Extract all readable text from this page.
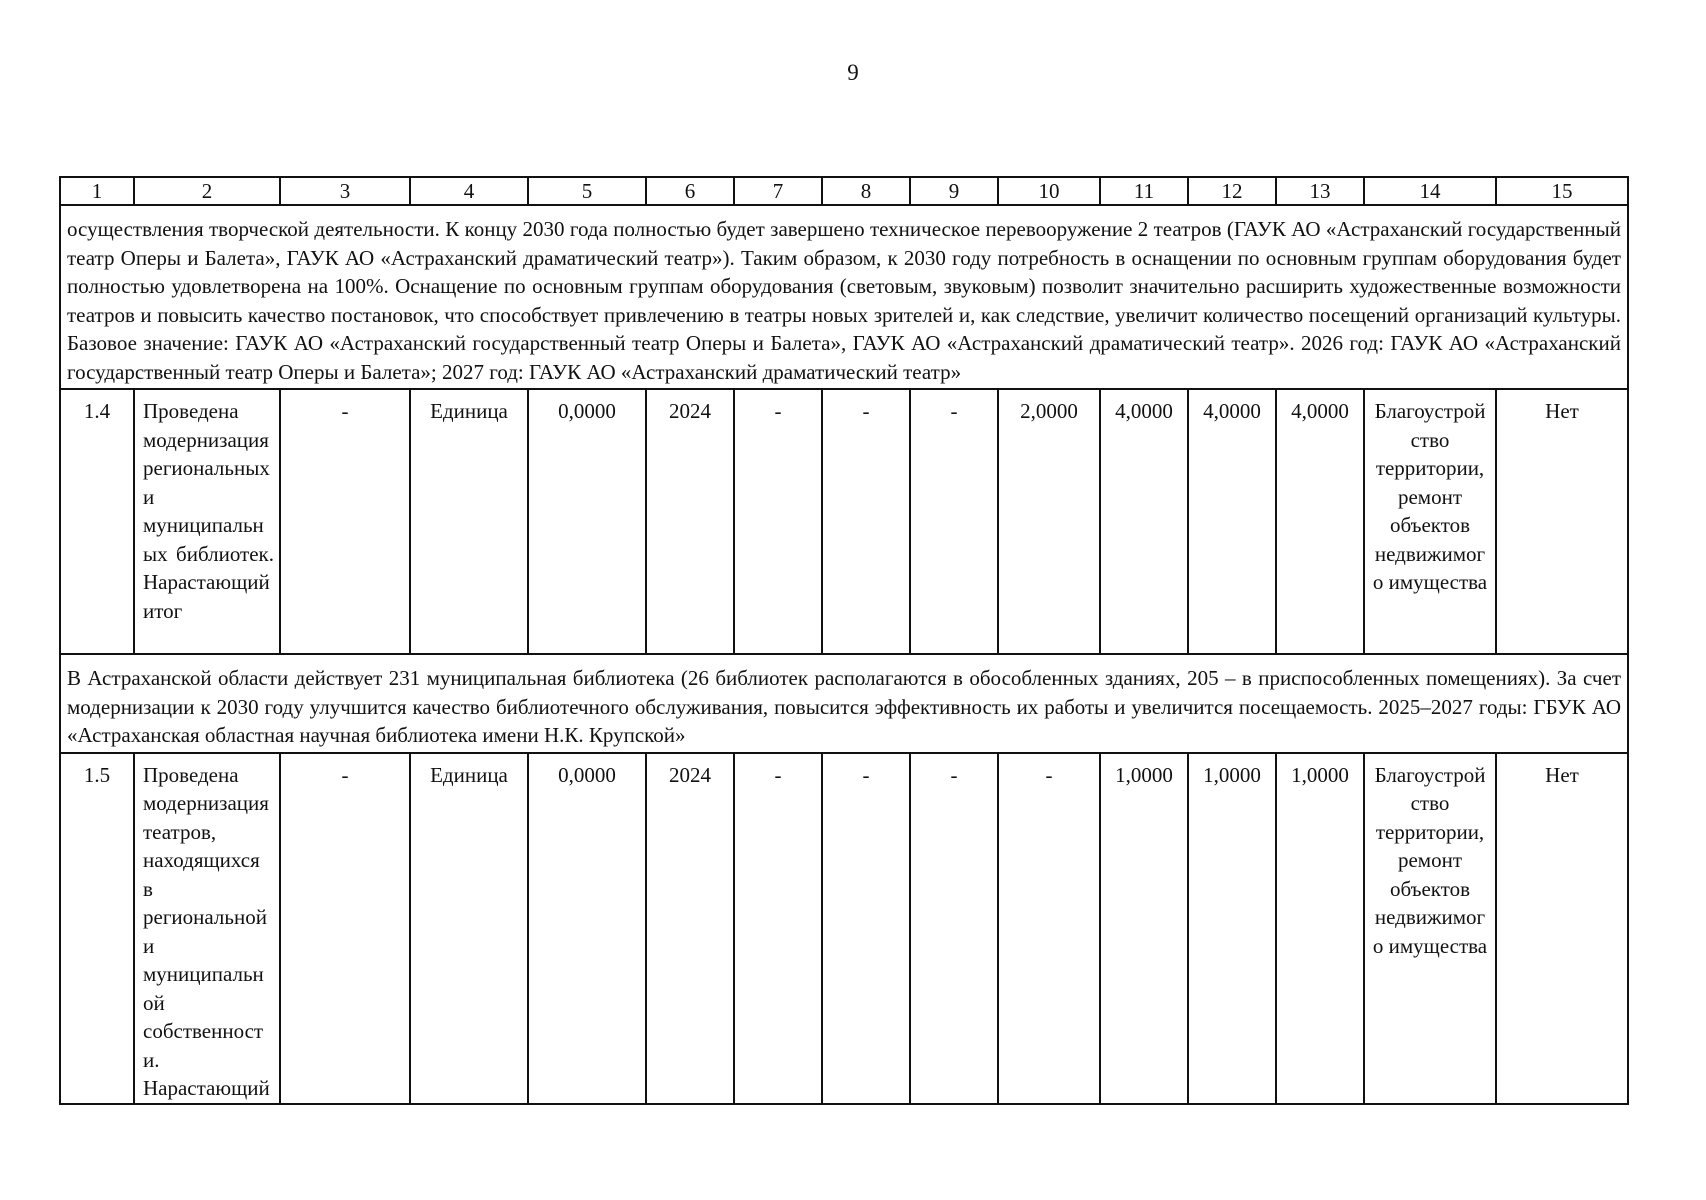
9
1	2	3	4	5	6	7	8	9	10	11	12	13	14	15
осуществления творческой деятельности. К концу 2030 года полностью будет завершено техническое перевооружение 2 театров (ГАУК АО «Астраханский государственный театр Оперы и Балета», ГАУК АО «Астраханский драматический театр»). Таким образом, к 2030 году потребность в оснащении по основным группам оборудования будет полностью удовлетворена на 100%. Оснащение по основным группам оборудования (световым, звуковым) позволит значительно расширить художественные возможности театров и повысить качество постановок, что способствует привлечению в театры новых зрителей и, как следствие, увеличит количество посещений организаций культуры. Базовое значение: ГАУК АО «Астраханский государственный театр Оперы и Балета», ГАУК АО «Астраханский драматический театр». 2026 год: ГАУК АО «Астраханский государственный театр Оперы и Балета»; 2027 год: ГАУК АО «Астраханский драматический театр»														
1.4	Проведена модернизация региональных и муниципальных библиотек. Нарастающий итог	-	Единица	0,0000	2024	-	-	-	2,0000	4,0000	4,0000	4,0000	Благоустройство территории, ремонт объектов недвижимого имущества	Нет
В Астраханской области действует 231 муниципальная библиотека (26 библиотек располагаются в обособленных зданиях, 205 – в приспособленных помещениях). За счет модернизации к 2030 году улучшится качество библиотечного обслуживания, повысится эффективность их работы и увеличится посещаемость. 2025–2027 годы: ГБУК АО «Астраханская областная научная библиотека имени Н.К. Крупской»														
1.5	Проведена модернизация театров, находящихся в региональной и муниципальной собственности. Нарастающий	-	Единица	0,0000	2024	-	-	-	-	1,0000	1,0000	1,0000	Благоустройство территории, ремонт объектов недвижимого имущества	Нет
